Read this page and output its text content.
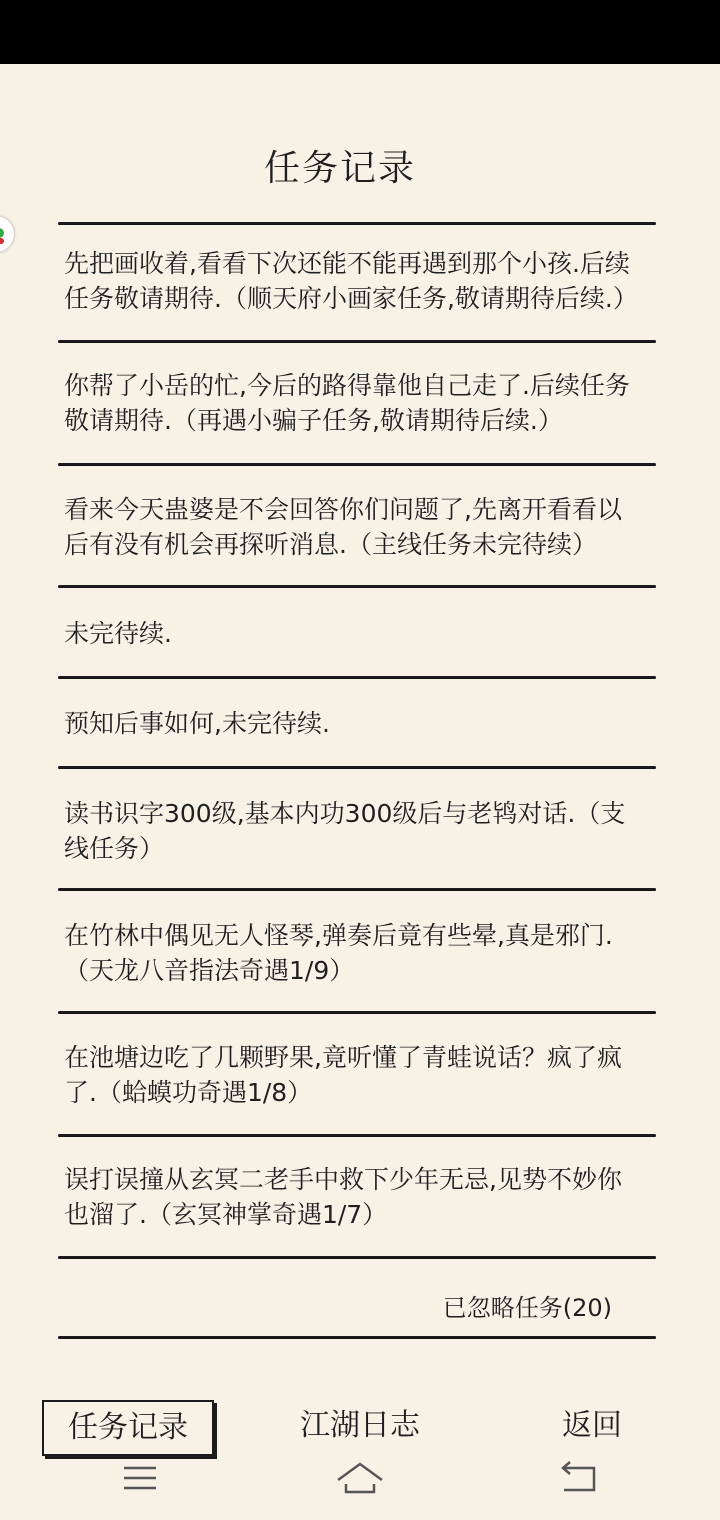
任务记录
先把画收着,看看下次还能不能再遇到那个小孩.后续任务敬请期待.（顺天府小画家任务,敬请期待后续.）
你帮了小岳的忙,今后的路得靠他自己走了.后续任务敬请期待.（再遇小骗子任务,敬请期待后续.）
看来今天蛊婆是不会回答你们问题了,先离开看看以后有没有机会再探听消息.（主线任务未完待续）
未完待续.
预知后事如何,未完待续.
读书识字300级,基本内功300级后与老鸨对话.（支线任务）
在竹林中偶见无人怪琴,弹奏后竟有些晕,真是邪门.（天龙八音指法奇遇1/9）
在池塘边吃了几颗野果,竟听懂了青蛙说话？疯了疯了.（蛤蟆功奇遇1/8）
误打误撞从玄冥二老手中救下少年无忌,见势不妙你也溜了.（玄冥神掌奇遇1/7）
已忽略任务(20)
任务记录	江湖日志	返回
